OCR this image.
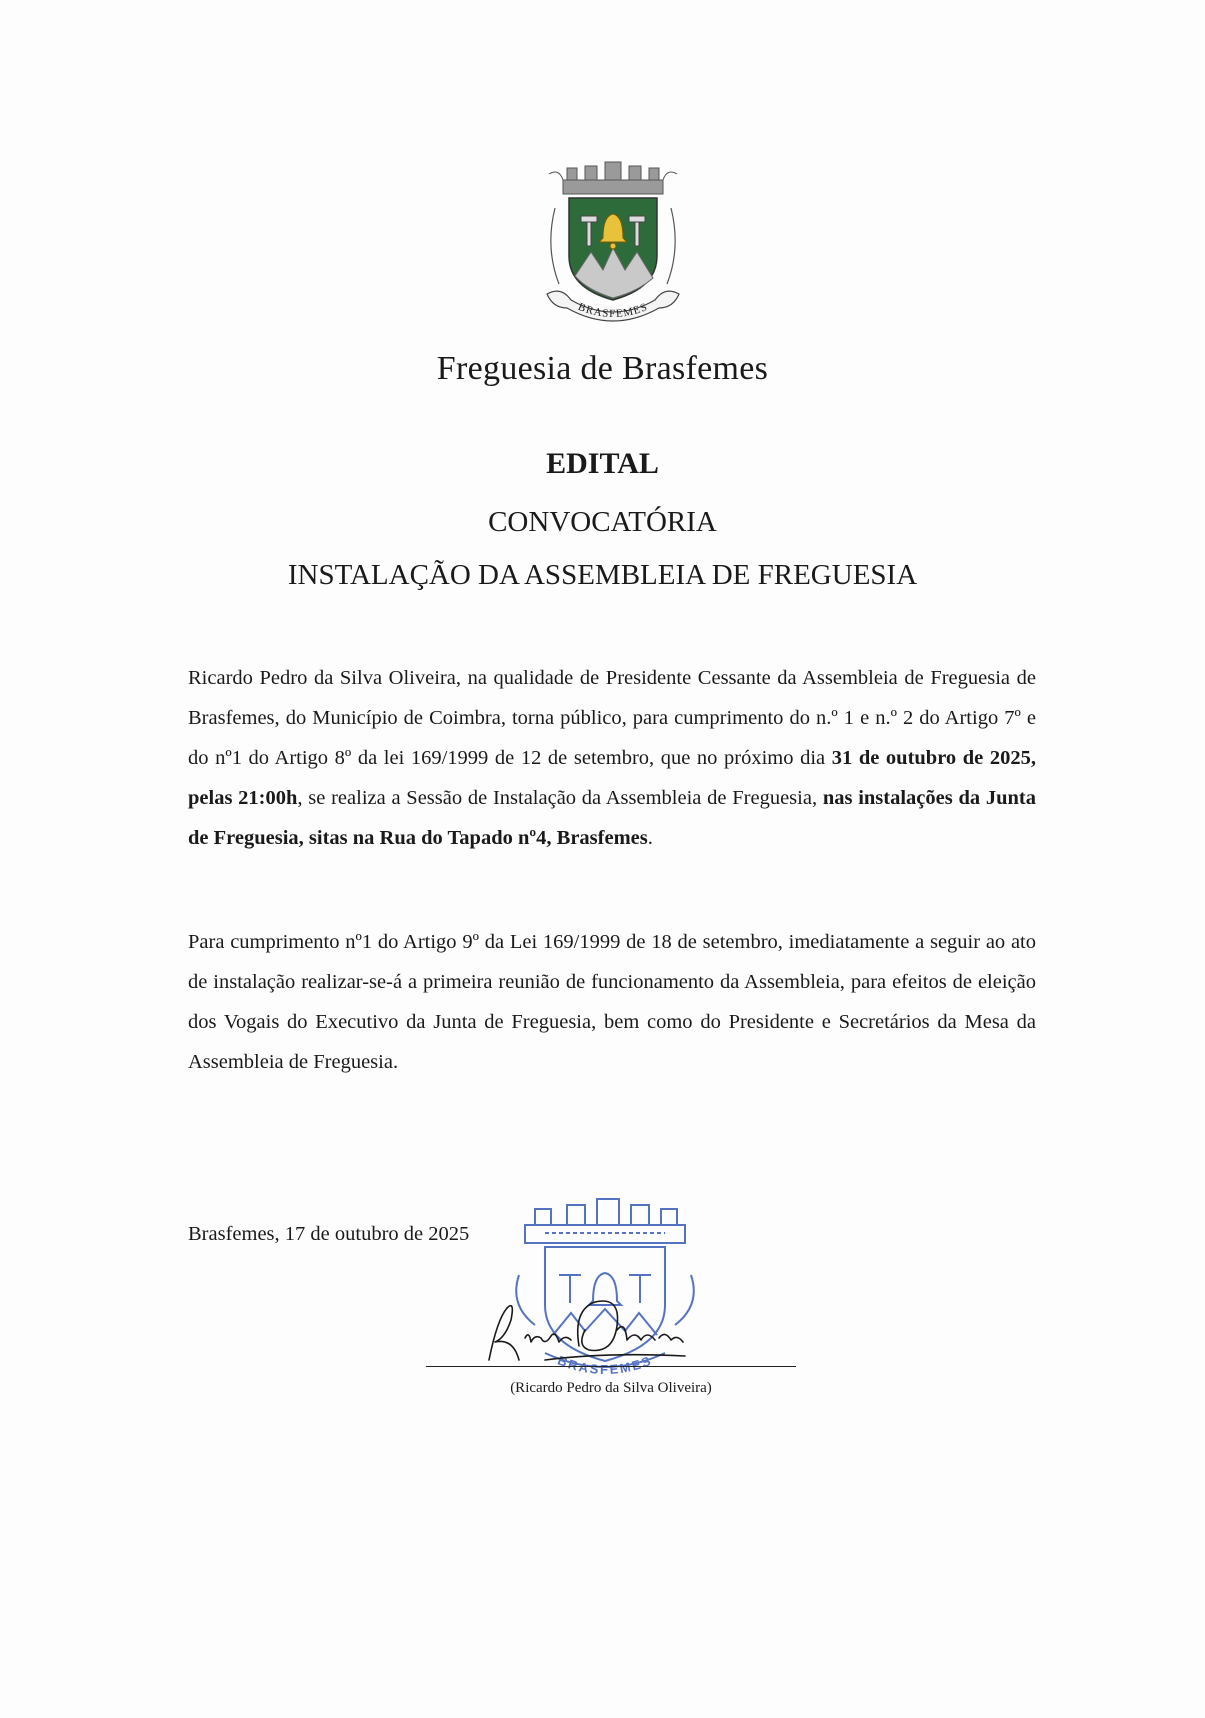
BRASFEMES
Freguesia de Brasfemes
EDITAL
CONVOCATÓRIA
INSTALAÇÃO DA ASSEMBLEIA DE FREGUESIA

Ricardo Pedro da Silva Oliveira, na qualidade de Presidente Cessante da Assembleia de Freguesia de Brasfemes, do Município de Coimbra, torna público, para cumprimento do n.º 1 e n.º 2 do Artigo 7º e do nº1 do Artigo 8º da lei 169/1999 de 12 de setembro, que no próximo dia 31 de outubro de 2025, pelas 21:00h, se realiza a Sessão de Instalação da Assembleia de Freguesia, nas instalações da Junta de Freguesia, sitas na Rua do Tapado nº4, Brasfemes.

Para cumprimento nº1 do Artigo 9º da Lei 169/1999 de 18 de setembro, imediatamente a seguir ao ato de instalação realizar-se-á a primeira reunião de funcionamento da Assembleia, para efeitos de eleição dos Vogais do Executivo da Junta de Freguesia, bem como do Presidente e Secretários da Mesa da Assembleia de Freguesia.

Brasfemes, 17 de outubro de 2025
BRASFEMES
(Ricardo Pedro da Silva Oliveira)
